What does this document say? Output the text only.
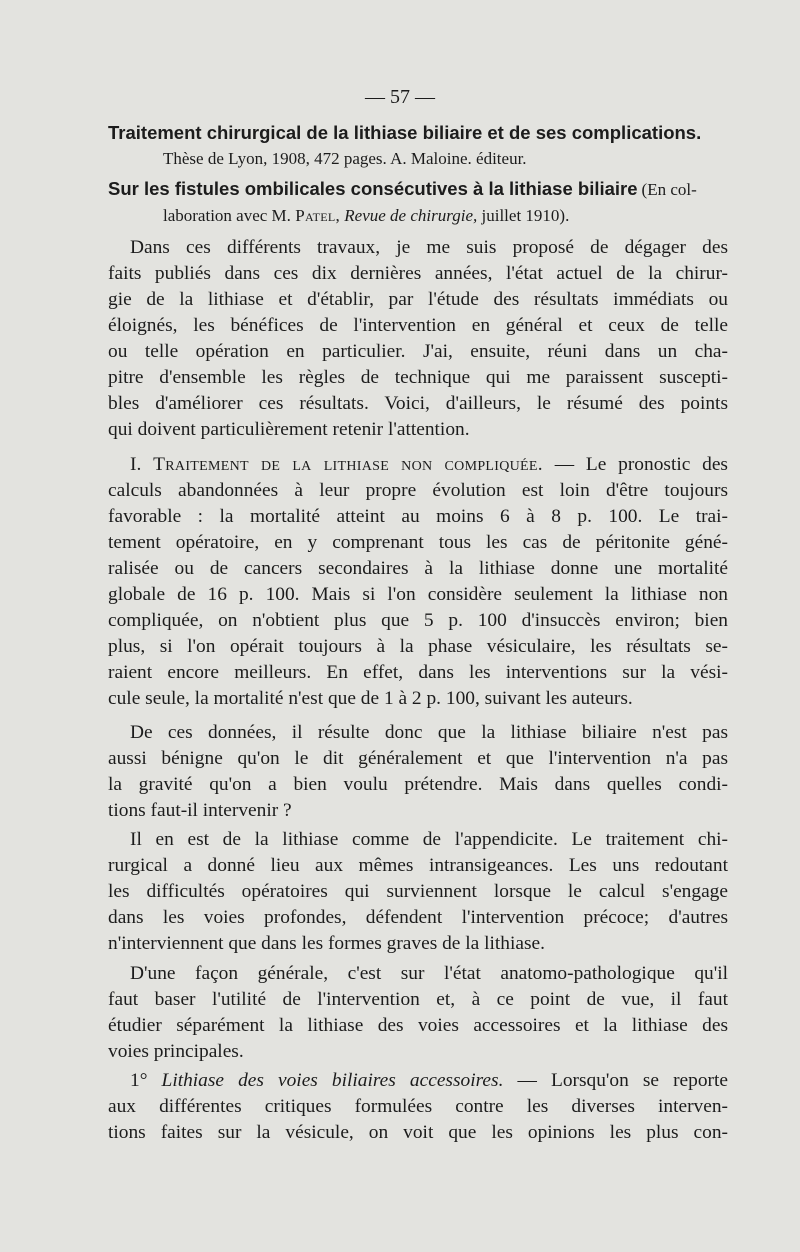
— 57 —
Traitement chirurgical de la lithiase biliaire et de ses complications.
Thèse de Lyon, 1908, 472 pages. A. Maloine. éditeur.
Sur les fistules ombilicales consécutives à la lithiase biliaire (En col-
laboration avec M. Patel, Revue de chirurgie, juillet 1910).
Dans ces différents travaux, je me suis proposé de dégager des
faits publiés dans ces dix dernières années, l'état actuel de la chirur-
gie de la lithiase et d'établir, par l'étude des résultats immédiats ou
éloignés, les bénéfices de l'intervention en général et ceux de telle
ou telle opération en particulier. J'ai, ensuite, réuni dans un cha-
pitre d'ensemble les règles de technique qui me paraissent suscepti-
bles d'améliorer ces résultats. Voici, d'ailleurs, le résumé des points
qui doivent particulièrement retenir l'attention.
I. Traitement de la lithiase non compliquée. — Le pronostic des
calculs abandonnées à leur propre évolution est loin d'être toujours
favorable : la mortalité atteint au moins 6 à 8 p. 100. Le trai-
tement opératoire, en y comprenant tous les cas de péritonite géné-
ralisée ou de cancers secondaires à la lithiase donne une mortalité
globale de 16 p. 100. Mais si l'on considère seulement la lithiase non
compliquée, on n'obtient plus que 5 p. 100 d'insuccès environ; bien
plus, si l'on opérait toujours à la phase vésiculaire, les résultats se-
raient encore meilleurs. En effet, dans les interventions sur la vési-
cule seule, la mortalité n'est que de 1 à 2 p. 100, suivant les auteurs.
De ces données, il résulte donc que la lithiase biliaire n'est pas
aussi bénigne qu'on le dit généralement et que l'intervention n'a pas
la gravité qu'on a bien voulu prétendre. Mais dans quelles condi-
tions faut-il intervenir ?
Il en est de la lithiase comme de l'appendicite. Le traitement chi-
rurgical a donné lieu aux mêmes intransigeances. Les uns redoutant
les difficultés opératoires qui surviennent lorsque le calcul s'engage
dans les voies profondes, défendent l'intervention précoce; d'autres
n'interviennent que dans les formes graves de la lithiase.
D'une façon générale, c'est sur l'état anatomo-pathologique qu'il
faut baser l'utilité de l'intervention et, à ce point de vue, il faut
étudier séparément la lithiase des voies accessoires et la lithiase des
voies principales.
1° Lithiase des voies biliaires accessoires. — Lorsqu'on se reporte
aux différentes critiques formulées contre les diverses interven-
tions faites sur la vésicule, on voit que les opinions les plus con-
